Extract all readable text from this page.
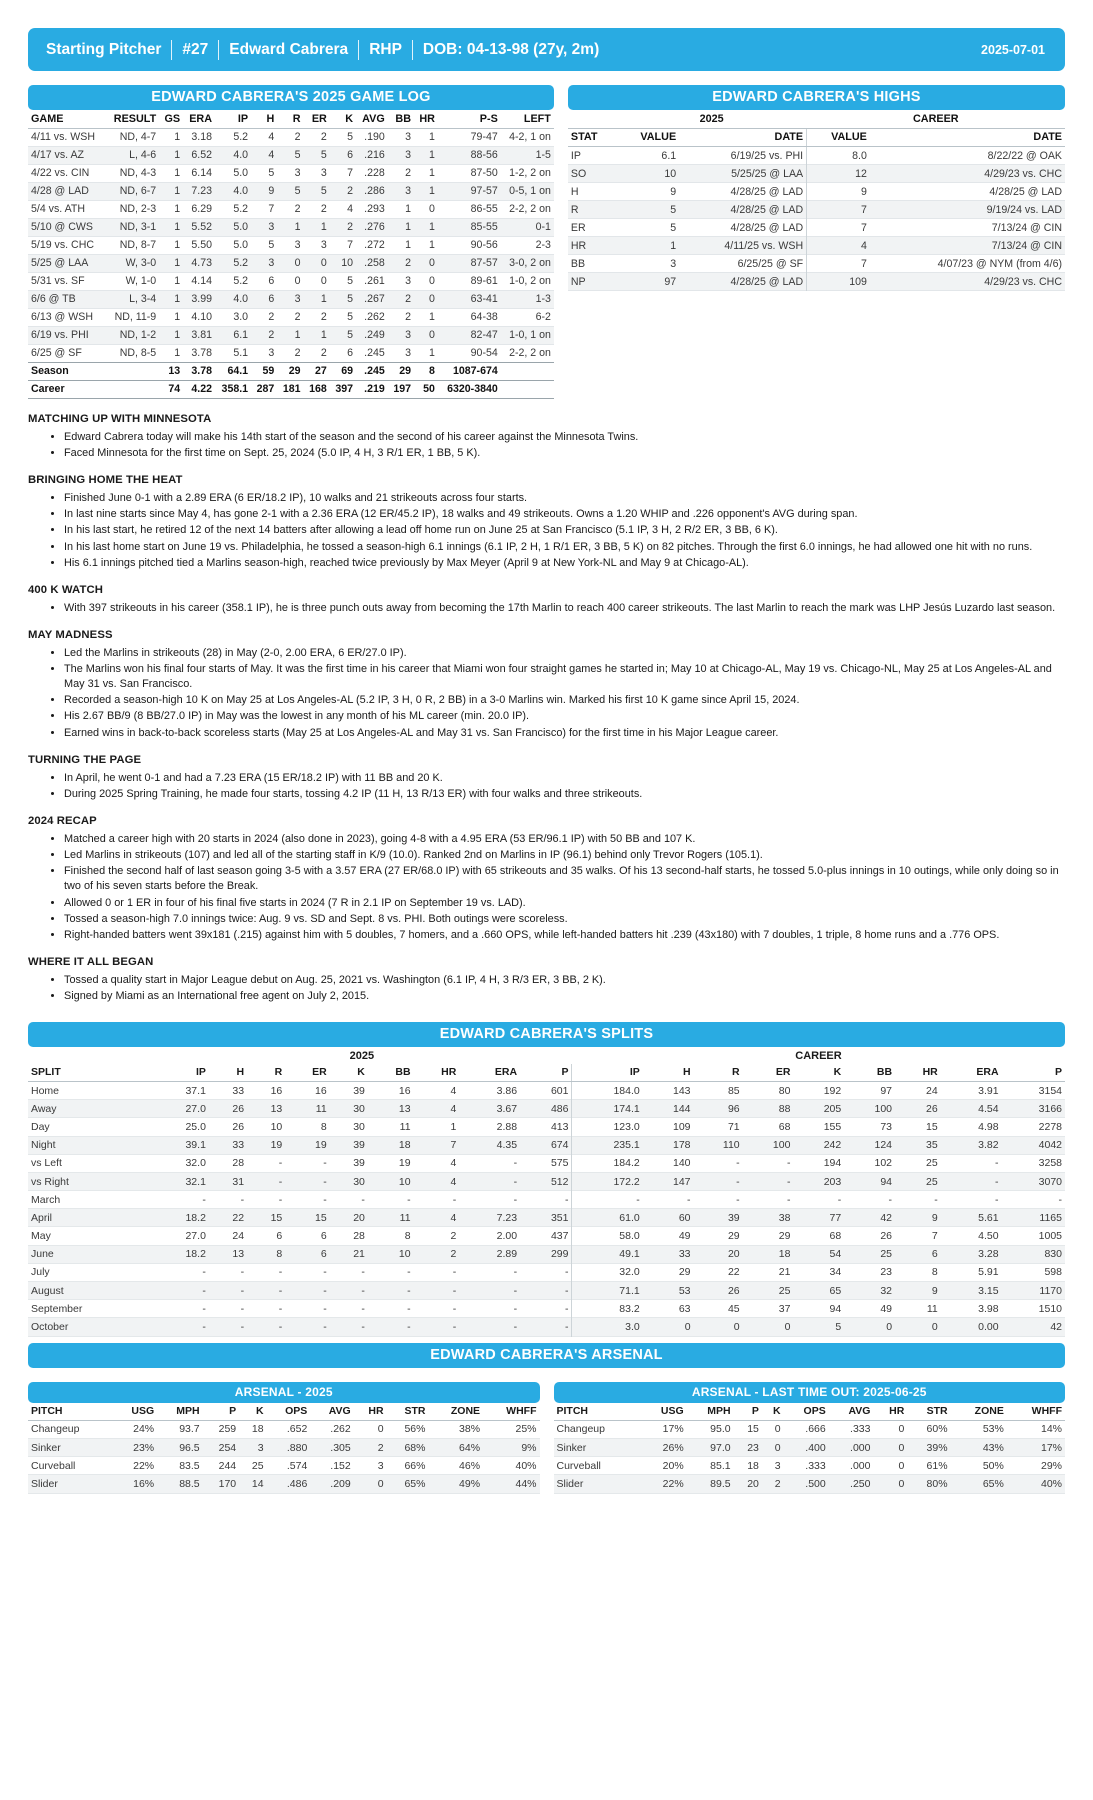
Starting Pitcher	#27	Edward Cabrera	RHP	DOB: 04-13-98 (27y, 2m)	2025-07-01
EDWARD CABRERA'S 2025 GAME LOG
GAME	RESULT	GS	ERA	IP	H	R	ER	K	AVG	BB	HR	P-S	LEFT
4/11 vs. WSH	ND, 4-7	1	3.18	5.2	4	2	2	5	.190	3	1	79-47	4-2, 1 on
4/17 vs. AZ	L, 4-6	1	6.52	4.0	4	5	5	6	.216	3	1	88-56	1-5
4/22 vs. CIN	ND, 4-3	1	6.14	5.0	5	3	3	7	.228	2	1	87-50	1-2, 2 on
4/28 @ LAD	ND, 6-7	1	7.23	4.0	9	5	5	2	.286	3	1	97-57	0-5, 1 on
5/4 vs. ATH	ND, 2-3	1	6.29	5.2	7	2	2	4	.293	1	0	86-55	2-2, 2 on
5/10 @ CWS	ND, 3-1	1	5.52	5.0	3	1	1	2	.276	1	1	85-55	0-1
5/19 vs. CHC	ND, 8-7	1	5.50	5.0	5	3	3	7	.272	1	1	90-56	2-3
5/25 @ LAA	W, 3-0	1	4.73	5.2	3	0	0	10	.258	2	0	87-57	3-0, 2 on
5/31 vs. SF	W, 1-0	1	4.14	5.2	6	0	0	5	.261	3	0	89-61	1-0, 2 on
6/6 @ TB	L, 3-4	1	3.99	4.0	6	3	1	5	.267	2	0	63-41	1-3
6/13 @ WSH	ND, 11-9	1	4.10	3.0	2	2	2	5	.262	2	1	64-38	6-2
6/19 vs. PHI	ND, 1-2	1	3.81	6.1	2	1	1	5	.249	3	0	82-47	1-0, 1 on
6/25 @ SF	ND, 8-5	1	3.78	5.1	3	2	2	6	.245	3	1	90-54	2-2, 2 on
Season		13	3.78	64.1	59	29	27	69	.245	29	8	1087-674	
Career		74	4.22	358.1	287	181	168	397	.219	197	50	6320-3840	
EDWARD CABRERA'S HIGHS
	2025		CAREER	
STAT	VALUE	DATE	VALUE	DATE
IP	6.1	6/19/25 vs. PHI	8.0	8/22/22 @ OAK
SO	10	5/25/25 @ LAA	12	4/29/23 vs. CHC
H	9	4/28/25 @ LAD	9	4/28/25 @ LAD
R	5	4/28/25 @ LAD	7	9/19/24 vs. LAD
ER	5	4/28/25 @ LAD	7	7/13/24 @ CIN
HR	1	4/11/25 vs. WSH	4	7/13/24 @ CIN
BB	3	6/25/25 @ SF	7	4/07/23 @ NYM (from 4/6)
NP	97	4/28/25 @ LAD	109	4/29/23 vs. CHC
MATCHING UP WITH MINNESOTA
• Edward Cabrera today will make his 14th start of the season and the second of his career against the Minnesota Twins.
• Faced Minnesota for the first time on Sept. 25, 2024 (5.0 IP, 4 H, 3 R/1 ER, 1 BB, 5 K).
BRINGING HOME THE HEAT
• Finished June 0-1 with a 2.89 ERA (6 ER/18.2 IP), 10 walks and 21 strikeouts across four starts.
• In last nine starts since May 4, has gone 2-1 with a 2.36 ERA (12 ER/45.2 IP), 18 walks and 49 strikeouts. Owns a 1.20 WHIP and .226 opponent's AVG during span.
• In his last start, he retired 12 of the next 14 batters after allowing a lead off home run on June 25 at San Francisco (5.1 IP, 3 H, 2 R/2 ER, 3 BB, 6 K).
• In his last home start on June 19 vs. Philadelphia, he tossed a season-high 6.1 innings (6.1 IP, 2 H, 1 R/1 ER, 3 BB, 5 K) on 82 pitches. Through the first 6.0 innings, he had allowed one hit with no runs.
• His 6.1 innings pitched tied a Marlins season-high, reached twice previously by Max Meyer (April 9 at New York-NL and May 9 at Chicago-AL).
400 K WATCH
• With 397 strikeouts in his career (358.1 IP), he is three punch outs away from becoming the 17th Marlin to reach 400 career strikeouts. The last Marlin to reach the mark was LHP Jesús Luzardo last season.
MAY MADNESS
• Led the Marlins in strikeouts (28) in May (2-0, 2.00 ERA, 6 ER/27.0 IP).
• The Marlins won his final four starts of May. It was the first time in his career that Miami won four straight games he started in; May 10 at Chicago-AL, May 19 vs. Chicago-NL, May 25 at Los Angeles-AL and May 31 vs. San Francisco.
• Recorded a season-high 10 K on May 25 at Los Angeles-AL (5.2 IP, 3 H, 0 R, 2 BB) in a 3-0 Marlins win. Marked his first 10 K game since April 15, 2024.
• His 2.67 BB/9 (8 BB/27.0 IP) in May was the lowest in any month of his ML career (min. 20.0 IP).
• Earned wins in back-to-back scoreless starts (May 25 at Los Angeles-AL and May 31 vs. San Francisco) for the first time in his Major League career.
TURNING THE PAGE
• In April, he went 0-1 and had a 7.23 ERA (15 ER/18.2 IP) with 11 BB and 20 K.
• During 2025 Spring Training, he made four starts, tossing 4.2 IP (11 H, 13 R/13 ER) with four walks and three strikeouts.
2024 RECAP
• Matched a career high with 20 starts in 2024 (also done in 2023), going 4-8 with a 4.95 ERA (53 ER/96.1 IP) with 50 BB and 107 K.
• Led Marlins in strikeouts (107) and led all of the starting staff in K/9 (10.0). Ranked 2nd on Marlins in IP (96.1) behind only Trevor Rogers (105.1).
• Finished the second half of last season going 3-5 with a 3.57 ERA (27 ER/68.0 IP) with 65 strikeouts and 35 walks. Of his 13 second-half starts, he tossed 5.0-plus innings in 10 outings, while only doing so in two of his seven starts before the Break.
• Allowed 0 or 1 ER in four of his final five starts in 2024 (7 R in 2.1 IP on September 19 vs. LAD).
• Tossed a season-high 7.0 innings twice: Aug. 9 vs. SD and Sept. 8 vs. PHI. Both outings were scoreless.
• Right-handed batters went 39x181 (.215) against him with 5 doubles, 7 homers, and a .660 OPS, while left-handed batters hit .239 (43x180) with 7 doubles, 1 triple, 8 home runs and a .776 OPS.
WHERE IT ALL BEGAN
• Tossed a quality start in Major League debut on Aug. 25, 2021 vs. Washington (6.1 IP, 4 H, 3 R/3 ER, 3 BB, 2 K).
• Signed by Miami as an International free agent on July 2, 2015.
EDWARD CABRERA'S SPLITS
	2025									CAREER								
SPLIT	IP	H	R	ER	K	BB	HR	ERA	P	IP	H	R	ER	K	BB	HR	ERA	P
Home	37.1	33	16	16	39	16	4	3.86	601	184.0	143	85	80	192	97	24	3.91	3154
Away	27.0	26	13	11	30	13	4	3.67	486	174.1	144	96	88	205	100	26	4.54	3166
Day	25.0	26	10	8	30	11	1	2.88	413	123.0	109	71	68	155	73	15	4.98	2278
Night	39.1	33	19	19	39	18	7	4.35	674	235.1	178	110	100	242	124	35	3.82	4042
vs Left	32.0	28	-	-	39	19	4	-	575	184.2	140	-	-	194	102	25	-	3258
vs Right	32.1	31	-	-	30	10	4	-	512	172.2	147	-	-	203	94	25	-	3070
March	-	-	-	-	-	-	-	-	-	-	-	-	-	-	-	-	-	-
April	18.2	22	15	15	20	11	4	7.23	351	61.0	60	39	38	77	42	9	5.61	1165
May	27.0	24	6	6	28	8	2	2.00	437	58.0	49	29	29	68	26	7	4.50	1005
June	18.2	13	8	6	21	10	2	2.89	299	49.1	33	20	18	54	25	6	3.28	830
July	-	-	-	-	-	-	-	-	-	32.0	29	22	21	34	23	8	5.91	598
August	-	-	-	-	-	-	-	-	-	71.1	53	26	25	65	32	9	3.15	1170
September	-	-	-	-	-	-	-	-	-	83.2	63	45	37	94	49	11	3.98	1510
October	-	-	-	-	-	-	-	-	-	3.0	0	0	0	5	0	0	0.00	42
EDWARD CABRERA'S ARSENAL
ARSENAL - 2025
PITCH	USG	MPH	P	K	OPS	AVG	HR	STR	ZONE	WHFF
Changeup	24%	93.7	259	18	.652	.262	0	56%	38%	25%
Sinker	23%	96.5	254	3	.880	.305	2	68%	64%	9%
Curveball	22%	83.5	244	25	.574	.152	3	66%	46%	40%
Slider	16%	88.5	170	14	.486	.209	0	65%	49%	44%
ARSENAL - LAST TIME OUT: 2025-06-25
PITCH	USG	MPH	P	K	OPS	AVG	HR	STR	ZONE	WHFF
Changeup	17%	95.0	15	0	.666	.333	0	60%	53%	14%
Sinker	26%	97.0	23	0	.400	.000	0	39%	43%	17%
Curveball	20%	85.1	18	3	.333	.000	0	61%	50%	29%
Slider	22%	89.5	20	2	.500	.250	0	80%	65%	40%
